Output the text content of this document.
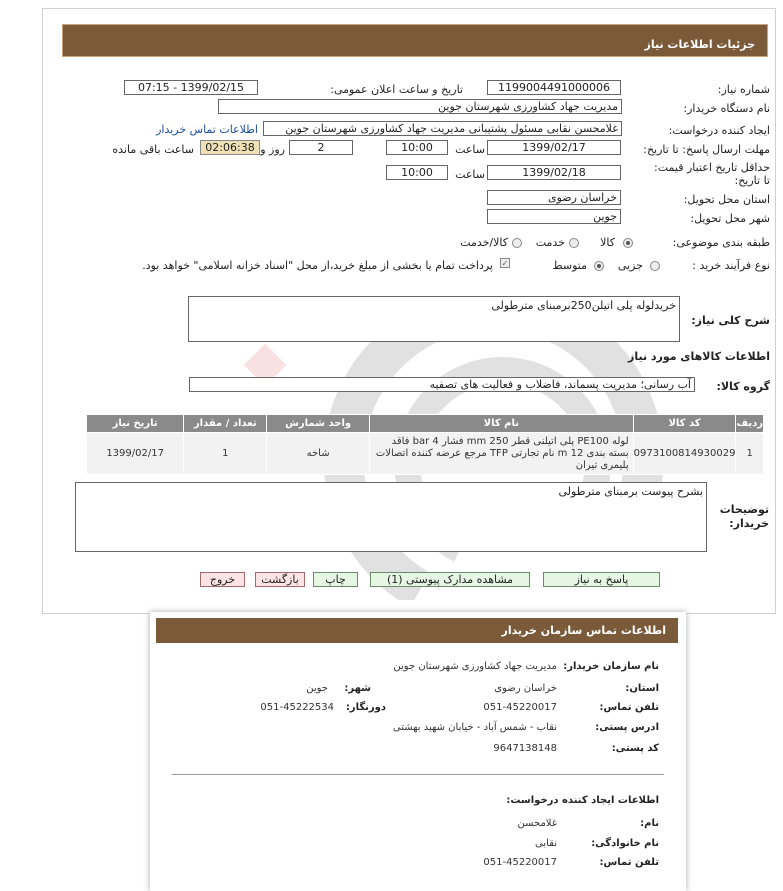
جزئیات اطلاعات نیاز
شماره نیاز:
1199004491000006
تاریخ و ساعت اعلان عمومی:
1399/02/15 - 07:15
نام دستگاه خریدار:
مدیریت جهاد کشاورزی شهرستان جوین
ایجاد کننده درخواست:
غلامحسن نقابی مسئول پشتیبانی مدیریت جهاد کشاورزی شهرستان جوین
اطلاعات تماس خریدار
مهلت ارسال پاسخ: تا تاریخ:
1399/02/17
ساعت
10:00
2
روز و
02:06:38
ساعت باقی مانده
حداقل تاریخ اعتبار قیمت: تا تاریخ:
1399/02/18
ساعت
10:00
استان محل تحویل:
خراسان رضوی
شهر محل تحویل:
جوین
طبقه بندی موضوعی:
کالا
خدمت
کالا/خدمت
نوع فرآیند خرید :
جزیی
متوسط
✓
پرداخت تمام یا بخشی از مبلغ خرید،از محل "اسناد خزانه اسلامی" خواهد بود.
شرح کلی نیاز:
خریدلوله پلی اتیلن250برمبنای مترطولی
اطلاعات کالاهای مورد نیاز
گروه کالا:
آب رسانی؛ مدیریت پسماند، فاضلاب و فعالیت های تصفیه
ردیف	کد کالا	نام کالا	واحد شمارش	تعداد / مقدار	تاریخ نیاز
1	0973100814930029	لوله PE100 پلی اتیلنی قطر 250 mm فشار 4 bar فاقد بسته بندی 12 m نام تجارتی TFP مرجع عرضه کننده اتصالات پلیمری تیران	شاخه	1	1399/02/17
توضیحات خریدار:
بشرح پیوست برمبنای مترطولی
پاسخ به نیاز
مشاهده مدارک پیوستی (1)
چاپ
بازگشت
خروج
اطلاعات تماس سازمان خریدار
نام سازمان خریدار:
مدیریت جهاد کشاورزی شهرستان جوین
استان:
خراسان رضوی
شهر:
جوین
تلفن تماس:
051-45220017
دورنگار:
051-45222534
ادرس پستی:
نقاب - شمس آباد - خیابان شهید بهشتی
کد پستی:
9647138148
اطلاعات ایجاد کننده درخواست:
نام:
غلامحسن
نام خانوادگی:
نقابی
تلفن تماس:
051-45220017
